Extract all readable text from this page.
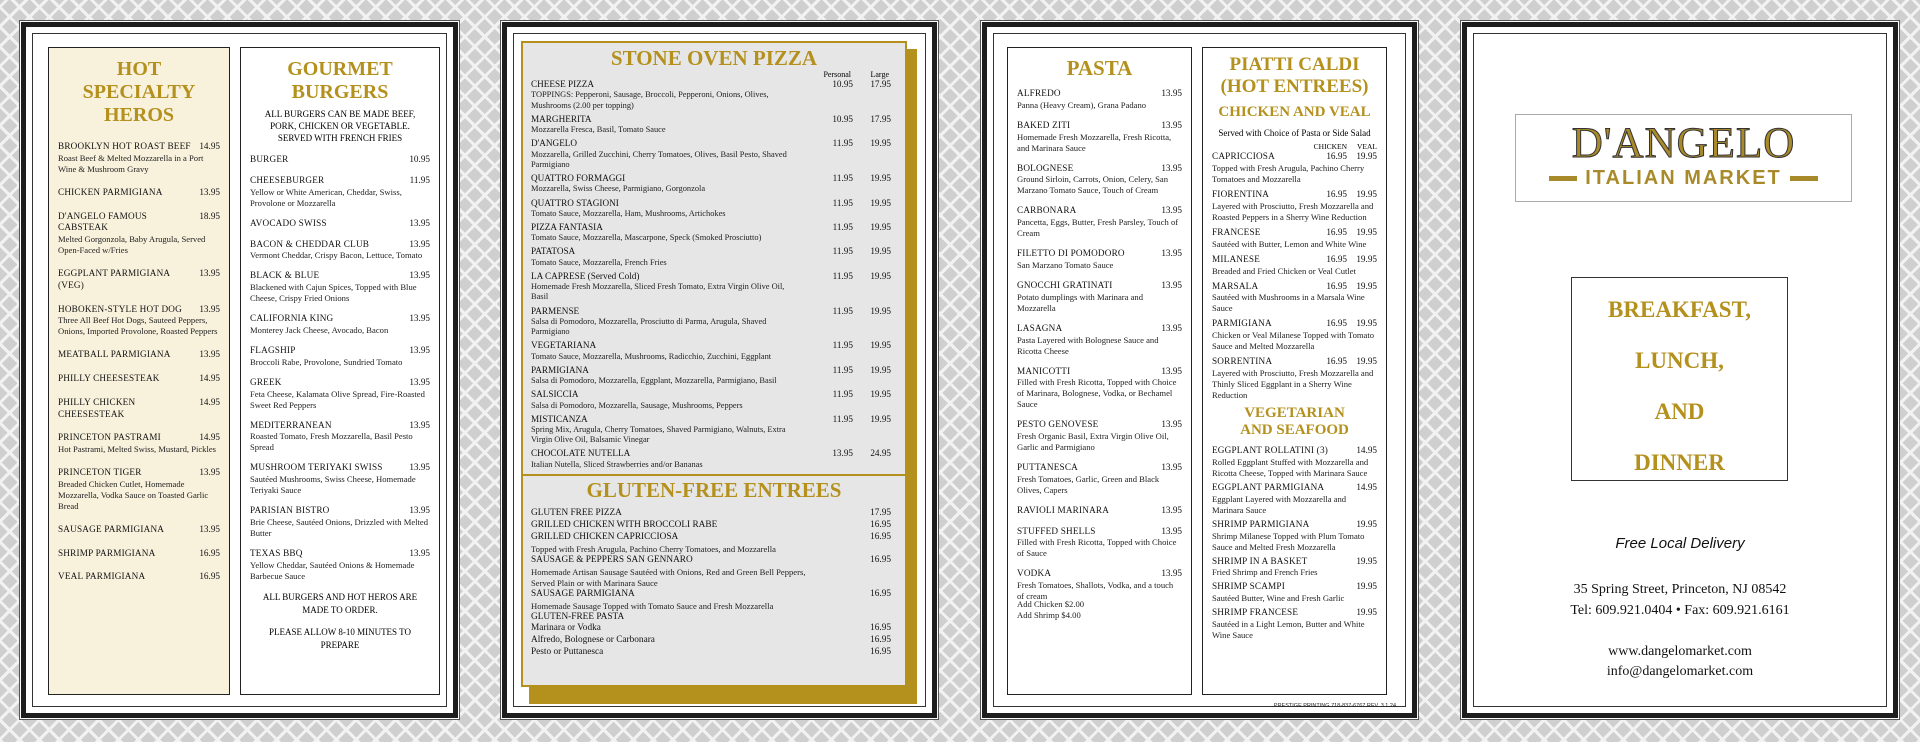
HOT SPECIALTY HEROS
BROOKLYN HOT ROAST BEEF 14.95
Roast Beef & Melted Mozzarella in a Port Wine & Mushroom Gravy
CHICKEN PARMIGIANA	13.95
D'ANGELO FAMOUS CABSTEAK
18.95
Melted Gorgonzola, Baby Arugula, Served Open-Faced w/Fries
EGGPLANT PARMIGIANA (VEG)
13.95
HOBOKEN-STYLE HOT DOG 13.95
Three All Beef Hot Dogs, Sauteed Peppers, Onions, Imported Provolone, Roasted Peppers
MEATBALL PARMIGIANA	13.95
PHILLY CHEESESTEAK	14.95
PHILLY CHICKEN CHEESESTEAK
14.95
PRINCETON PASTRAMI	14.95
Hot Pastrami, Melted Swiss, Mustard, Pickles
PRINCETON TIGER	13.95
Breaded Chicken Cutlet, Homemade Mozzarella, Vodka Sauce on Toasted Garlic Bread
SAUSAGE PARMIGIANA	13.95
SHRIMP PARMIGIANA	16.95
VEAL PARMIGIANA	16.95
GOURMET BURGERS
ALL BURGERS CAN BE MADE BEEF, PORK, CHICKEN OR VEGETABLE. SERVED WITH FRENCH FRIES
BURGER	10.95
CHEESEBURGER	11.95
Yellow or White American, Cheddar, Swiss, Provolone or Mozzarella
AVOCADO SWISS	13.95
BACON & CHEDDAR CLUB	13.95
Vermont Cheddar, Crispy Bacon, Lettuce, Tomato
BLACK & BLUE	13.95
Blackened with Cajun Spices, Topped with Blue Cheese, Crispy Fried Onions
CALIFORNIA KING	13.95
Monterey Jack Cheese, Avocado, Bacon
FLAGSHIP	13.95
Broccoli Rabe, Provolone, Sundried Tomato
GREEK	13.95
Feta Cheese, Kalamata Olive Spread, Fire-Roasted Sweet Red Peppers
MEDITERRANEAN	13.95
Roasted Tomato, Fresh Mozzarella, Basil Pesto Spread
MUSHROOM TERIYAKI SWISS	13.95
Sautéed Mushrooms, Swiss Cheese, Homemade Teriyaki Sauce
PARISIAN BISTRO	13.95
Brie Cheese, Sautéed Onions, Drizzled with Melted Butter
TEXAS BBQ	13.95
Yellow Cheddar, Sautéed Onions & Homemade Barbecue Sauce
ALL BURGERS AND HOT HEROS ARE MADE TO ORDER.
PLEASE ALLOW 8-10 MINUTES TO PREPARE
STONE OVEN PIZZA
Personal	Large
CHEESE PIZZA	10.95 17.95
TOPPINGS: Pepperoni, Sausage, Broccoli, Pepperoni, Onions, Olives, Mushrooms (2.00 per topping)
MARGHERITA	10.95 17.95
Mozzarella Fresca, Basil, Tomato Sauce
D'ANGELO	11.95 19.95
Mozzarella, Grilled Zucchini, Cherry Tomatoes, Olives, Basil Pesto, Shaved Parmigiano
QUATTRO FORMAGGI	11.95 19.95
Mozzarella, Swiss Cheese, Parmigiano, Gorgonzola
QUATTRO STAGIONI	11.95 19.95
Tomato Sauce, Mozzarella, Ham, Mushrooms, Artichokes
PIZZA FANTASIA	11.95 19.95
Tomato Sauce, Mozzarella, Mascarpone, Speck (Smoked Prosciutto)
PATATOSA	11.95 19.95
Tomato Sauce, Mozzarella, French Fries
LA CAPRESE (Served Cold)	11.95 19.95
Homemade Fresh Mozzarella, Sliced Fresh Tomato, Extra Virgin Olive Oil, Basil
PARMENSE	11.95 19.95
Salsa di Pomodoro, Mozzarella, Prosciutto di Parma, Arugula, Shaved Parmigiano
VEGETARIANA	11.95 19.95
Tomato Sauce, Mozzarella, Mushrooms, Radicchio, Zucchini, Eggplant
PARMIGIANA	11.95 19.95
Salsa di Pomodoro, Mozzarella, Eggplant, Mozzarella, Parmigiano, Basil
SALSICCIA	11.95 19.95
Salsa di Pomodoro, Mozzarella, Sausage, Mushrooms, Peppers
MISTICANZA	11.95 19.95
Spring Mix, Arugula, Cherry Tomatoes, Shaved Parmigiano, Walnuts, Extra Virgin Olive Oil, Balsamic Vinegar
CHOCOLATE NUTELLA	13.95 24.95
Italian Nutella, Sliced Strawberries and/or Bananas
GLUTEN-FREE ENTREES
GLUTEN FREE PIZZA	17.95
GRILLED CHICKEN WITH BROCCOLI RABE	16.95
GRILLED CHICKEN CAPRICCIOSA	16.95
Topped with Fresh Arugula, Pachino Cherry Tomatoes, and Mozzarella
SAUSAGE & PEPPERS SAN GENNARO	16.95
Homemade Artisan Sausage Sautéed with Onions, Red and Green Bell Peppers, Served Plain or with Marinara Sauce
SAUSAGE PARMIGIANA	16.95
Homemade Sausage Topped with Tomato Sauce and Fresh Mozzarella
GLUTEN-FREE PASTA
Marinara or Vodka	16.95
Alfredo, Bolognese or Carbonara	16.95
Pesto or Puttanesca	16.95
PASTA
ALFREDO	13.95
Panna (Heavy Cream), Grana Padano
BAKED ZITI	13.95
Homemade Fresh Mozzarella, Fresh Ricotta, and Marinara Sauce
BOLOGNESE	13.95
Ground Sirloin, Carrots, Onion, Celery, San Marzano Tomato Sauce, Touch of Cream
CARBONARA	13.95
Pancetta, Eggs, Butter, Fresh Parsley, Touch of Cream
FILETTO DI POMODORO	13.95
San Marzano Tomato Sauce
GNOCCHI GRATINATI	13.95
Potato dumplings with Marinara and Mozzarella
LASAGNA	13.95
Pasta Layered with Bolognese Sauce and Ricotta Cheese
MANICOTTI	13.95
Filled with Fresh Ricotta, Topped with Choice of Marinara, Bolognese, Vodka, or Bechamel Sauce
PESTO GENOVESE	13.95
Fresh Organic Basil, Extra Virgin Olive Oil, Garlic and Parmigiano
PUTTANESCA	13.95
Fresh Tomatoes, Garlic, Green and Black Olives, Capers
RAVIOLI MARINARA	13.95
STUFFED SHELLS	13.95
Filled with Fresh Ricotta, Topped with Choice of Sauce
VODKA	13.95
Fresh Tomatoes, Shallots, Vodka, and a touch of cream
Add Chicken $2.00
Add Shrimp $4.00
PIATTI CALDI (HOT ENTREES)
CHICKEN AND VEAL
Served with Choice of Pasta or Side Salad
CHICKEN	VEAL
CAPRICCIOSA	16.95 19.95
Topped with Fresh Arugula, Pachino Cherry Tomatoes and Mozzarella
FIORENTINA	16.95 19.95
Layered with Prosciutto, Fresh Mozzarella and Roasted Peppers in a Sherry Wine Reduction
FRANCESE	16.95 19.95
Sautéed with Butter, Lemon and White Wine
MILANESE	16.95 19.95
Breaded and Fried Chicken or Veal Cutlet
MARSALA	16.95 19.95
Sautéed with Mushrooms in a Marsala Wine Sauce
PARMIGIANA	16.95 19.95
Chicken or Veal Milanese Topped with Tomato Sauce and Melted Mozzarella
SORRENTINA	16.95 19.95
Layered with Prosciutto, Fresh Mozzarella and Thinly Sliced Eggplant in a Sherry Wine Reduction
VEGETARIAN AND SEAFOOD
EGGPLANT ROLLATINI (3)	14.95
Rolled Eggplant Stuffed with Mozzarella and Ricotta Cheese, Topped with Marinara Sauce
EGGPLANT PARMIGIANA	14.95
Eggplant Layered with Mozzarella and Marinara Sauce
SHRIMP PARMIGIANA	19.95
Shrimp Milanese Topped with Plum Tomato Sauce and Melted Fresh Mozzarella
SHRIMP IN A BASKET	19.95
Fried Shrimp and French Fries
SHRIMP SCAMPI	19.95
Sautéed Butter, Wine and Fresh Garlic
SHRIMP FRANCESE	19.95
Sautéed in a Light Lemon, Butter and White Wine Sauce
PRESTIGE PRINTING 718-837-6767 REV. 3.1.24
D'ANGELO
ITALIAN MARKET
BREAKFAST,
LUNCH,
AND
DINNER
Free Local Delivery
35 Spring Street, Princeton, NJ 08542
Tel: 609.921.0404 • Fax: 609.921.6161
www.dangelomarket.com
info@dangelomarket.com
